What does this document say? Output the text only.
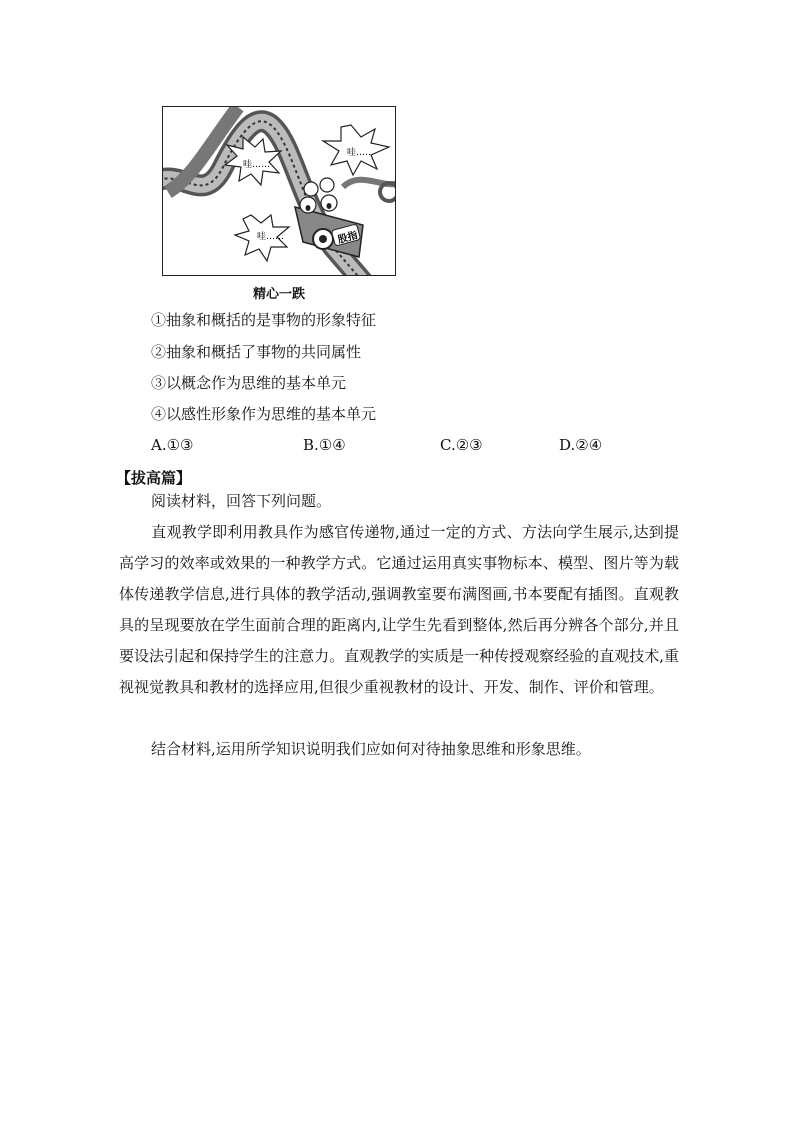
哇……
哇……
哇……	股指
精心一跌
①抽象和概括的是事物的形象特征
②抽象和概括了事物的共同属性
③以概念作为思维的基本单元
④以感性形象作为思维的基本单元
A.①③	B.①④	C.②③	D.②④
【拔高篇】
阅读材料，回答下列问题。
直观教学即利用教具作为感官传递物,通过一定的方式、方法向学生展示,达到提高学习的效率或效果的一种教学方式。它通过运用真实事物标本、模型、图片等为载体传递教学信息,进行具体的教学活动,强调教室要布满图画,书本要配有插图。直观教具的呈现要放在学生面前合理的距离内,让学生先看到整体,然后再分辨各个部分,并且要设法引起和保持学生的注意力。直观教学的实质是一种传授观察经验的直观技术,重视视觉教具和教材的选择应用,但很少重视教材的设计、开发、制作、评价和管理。
结合材料,运用所学知识说明我们应如何对待抽象思维和形象思维。
